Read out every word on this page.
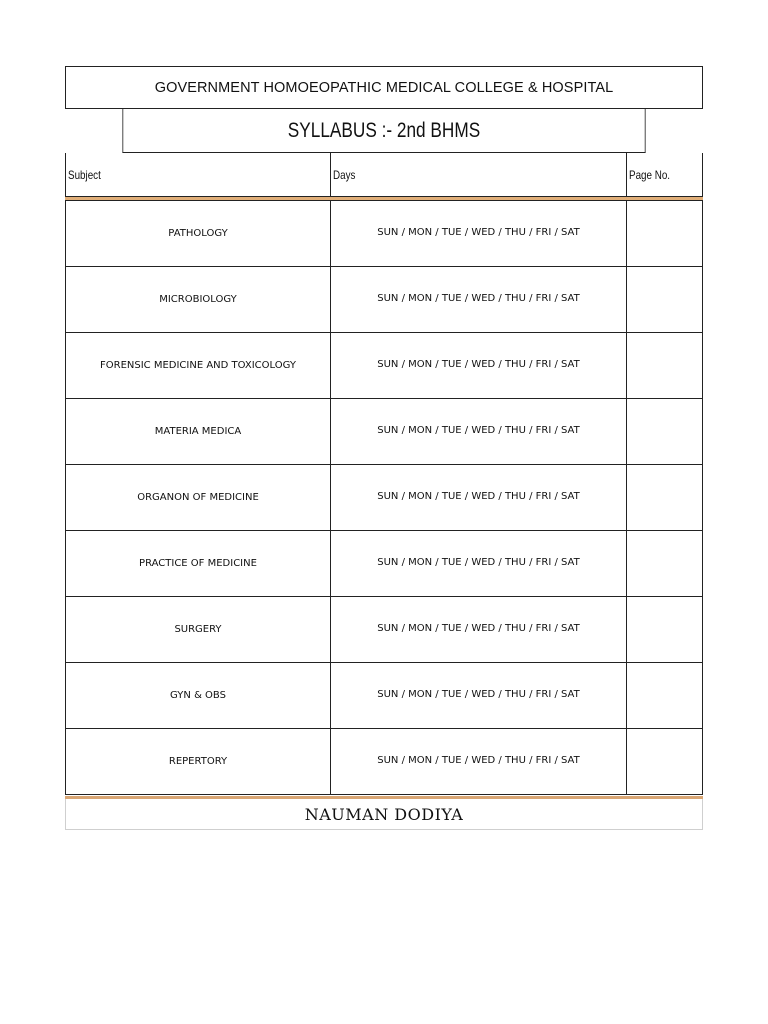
GOVERNMENT HOMOEOPATHIC MEDICAL COLLEGE & HOSPITAL
SYLLABUS :- 2nd BHMS
Subject	Days	Page No.
PATHOLOGY	SUN / MON / TUE / WED / THU / FRI / SAT
MICROBIOLOGY	SUN / MON / TUE / WED / THU / FRI / SAT
FORENSIC MEDICINE AND TOXICOLOGY	SUN / MON / TUE / WED / THU / FRI / SAT
MATERIA MEDICA	SUN / MON / TUE / WED / THU / FRI / SAT
ORGANON OF MEDICINE	SUN / MON / TUE / WED / THU / FRI / SAT
PRACTICE OF MEDICINE	SUN / MON / TUE / WED / THU / FRI / SAT
SURGERY	SUN / MON / TUE / WED / THU / FRI / SAT
GYN & OBS	SUN / MON / TUE / WED / THU / FRI / SAT
REPERTORY	SUN / MON / TUE / WED / THU / FRI / SAT
NAUMAN DODIYA
